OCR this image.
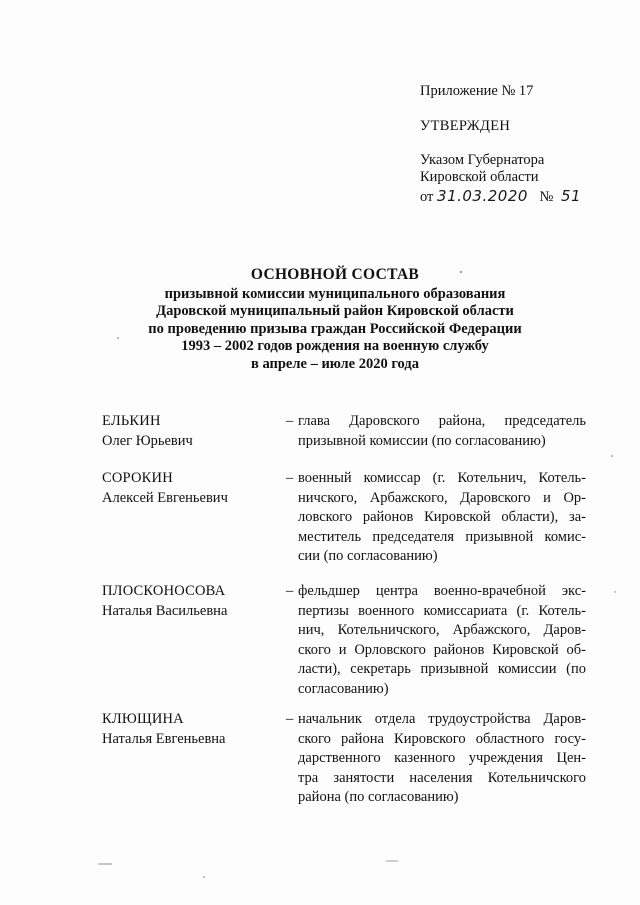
Приложение № 17
УТВЕРЖДЕН
Указом Губернатора
Кировской области
от 31.03.2020 № 51
ОСНОВНОЙ СОСТАВ
призывной комиссии муниципального образования
Даровской муниципальный район Кировской области
по проведению призыва граждан Российской Федерации
1993 – 2002 годов рождения на военную службу
в апреле – июле 2020 года
ЕЛЬКИН
Олег Юрьевич
– глава Даровского района, председатель
призывной комиссии (по согласованию)
СОРОКИН
Алексей Евгеньевич
– военный комиссар (г. Котельнич, Котель-
ничского, Арбажского, Даровского и Ор-
ловского районов Кировской области), за-
меститель председателя призывной комис-
сии (по согласованию)
ПЛОСКОНОСОВА
Наталья Васильевна
– фельдшер центра военно-врачебной экс-
пертизы военного комиссариата (г. Котель-
нич, Котельничского, Арбажского, Даров-
ского и Орловского районов Кировской об-
ласти), секретарь призывной комиссии (по
согласованию)
КЛЮЩИНА
Наталья Евгеньевна
– начальник отдела трудоустройства Даров-
ского района Кировского областного госу-
дарственного казенного учреждения Цен-
тра занятости населения Котельничского
района (по согласованию)
